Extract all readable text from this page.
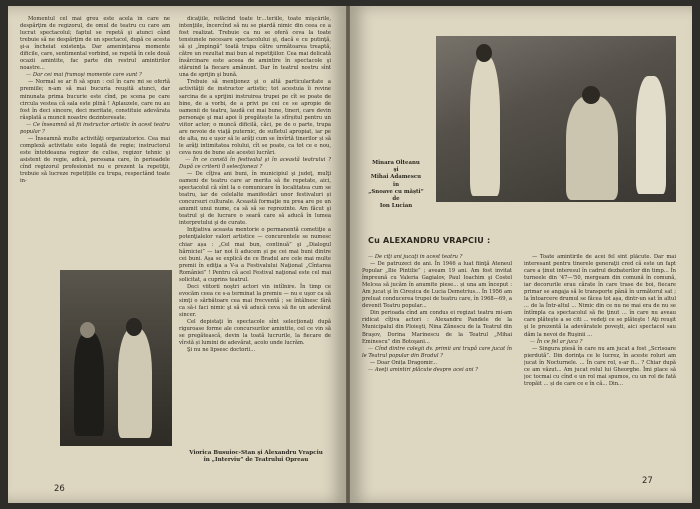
Momentul cel mai greu este acela în care ne despărţim de regizorul, de omul de teatru cu care am lucrat spectacolul; faptul se repetă şi atunci când trebuie să ne despărţim de un spectacol, după ce acesta şi-a încheiat existenţa. Dar amenințarea momente dificile, care, sentimental vorbind, se repetă în cele două ocazii amintite, fac parte din restrul amintirilor noastre...

— Dar cei mai frumoşi momente care sunt ?

— Normal se ar fi să spun : cel în care mi se ofertă premiile; n-am să mai bucuria reuşită atunci, dar minunata prima bucurie este cînd, pe scena pe care circula vestea că sala este plină ! Aplauzele, care nu au fost în deci sincere, deci meritate, constituie adevărata răsplată a muncii noastre dezinteresate.

— Ce înseamnă să fii instructor artistic în acest teatru popular ?

— Înseamnă multe activităţi organizatorice. Cea mai complexă activitate este legată de regie; instructorul este întotdeauna regizor de culise, regizor tehnic şi asistent de regie, adică, persoana care, în perioadele cînd regizorul profesionist nu e prezent la repetiţii, trebuie să lucreze repetițiile cu trupa, respectând toate in-

dicaţiile, refăcînd toate tr…teriile, toate mişcările, intenţiile, încercînd să nu se piardă nimic din ceea ce a fost realizat. Trebuie ca nu se oferă ceva la toate tensiunele necesare spectacolului şi, dacă e cu putinţă, să și „împingă” toată trupa către următoarea treaptă, către un rezultat mai bun al repetiţiilor. Cea mai delicată însărcinare este aceea de amintire în spectacole şi stăruind la fiecare amănunt. Dar în teatrul nostru sînt una de sprijin şi bună.

Trebuie să menţionez şi o altă particularitate a activităţii de instructor artistic; tot acestuia îi revine sarcina de a sprijini instruirea trupei pe cît se poate de bine, de a vorbi, de a privi pe cei ce se apropie de oamenii de teatru, laudă cei mai bune, tineri, care devin personaje şi mai apoi îi pregătește la sfîrșitul pentru un viitor actor; o muncă dificilă, căci, pe de o parte, trupa are nevoie de viaţă puternic, de sufletul apropiat, iar pe de alta, nu e ușor să le arăţi cum se învîrtă tinerilor și să le arăţi intimitatea rolului, cît se poate, ca tot ce e nou, ceva nou de bune ale acestei lucrări.

— În ce constă în festivalul şi în această teatrului ? După ce criterii îl selecţionezi ?

— De cîţiva ani buni, în municipiul şi judeţ, mulţi oameni de teatru care ar merita să fie repetate, aici, spectacolul că sînt la o comunicare în localitatea cum se teatru, iar de celelalte manifestări unor festivaluri și concursuri culturale. Această formaţie nu prea are pe un anumit unui nume, ca să să se reprezinte. Am făcut şi teatrul şi de lucrare o seară care să aducă în lumea interpretului şi de curate.

Iniţiativa aceasta mentorie o permanentă cometiţie a potenţialelor valori artistice — concurentele se numesc chiar așa : „Cel mai bun, continuă” şi „Dialogul hărniciei” — iar noi îi aducem și pe cei mai buni dintre cei buni. Așa se explică de ce Bradul are cele mai multe premii în ediţia a V-a a Festivalului Naţional „Cîntarea României” ! Pentru că acel Festival naţional este cel mai solicitat, a cuprins teatrul.

Deci viitorii noştri actori vin intîlnire. În timp ce evocăm ceea ce s-a terminat la premiu — nu e uşor ca să simţi o sărbătoare cea mai frecventă ; se întâlnesc fără ca să-i faci nimic şi să vă aducă ceva să fie un adevărat sincer.

Cel depistaţi în spectacole sînt selecţionaţi după riguroase forme ale concursurilor amintite, cel ce vin să se pregătească, devin la toată lucrurile, la fiecare de vîrstă și lumini de adevărat, acolo unde lucrăm.

Şi nu ne lipsesc doctorii...

Viorica Busuioc-Stan şi Alexandru Vrapciu în „Interviu” de Teatrului Opreau
26
Minara Olteanu
şi
Mihai Adamescu
în
„Snoave cu măști”
de
Ion Lucian
Cu ALEXANDRU VRAPCIU :

— De cîţi ani jucaţi în acest teatru ?

— De patruzeci de ani. În 1946 a luat fiinţă Ateneul Popular „Ilie Pintilie” ; aveam 19 ani. Am fost invitat împreună cu Valeria Gagialov, Paul Ioachim şi Costel Melcea să jucăm în anumite piese... și una am început : Am jucat şi în Cireșica de Lucia Demetrius... În 1956 am preluat conducerea trupei de teatru care, în 1968—69, a devenit Teatru popular...

Din perioada cînd am condus ei regizat teatru mi-am ridicat cîţiva actori : Alexandru Pandele de la Municipalul din Ploieşti, Nina Zănescu de la Teatrul din Braşov, Dorina Marinescu de la Teatrul „Mihai Eminescu” din Botoşani...

— Cînd dintre colegii dv. primii ani trupă care jucat în le Teatrul popular din Bradul ?

— Doar Onița Dragomir...

— Aveţi amintiri plăcute despre acei ani ?

— Toate amintirile de acei fel sînt plăcute. Dar mai interesant pentru tinerele generaţii cred că este un fapt care a ținut interesul în cadrul dezbaterilor din timp... În turneele din '47—'50, mergeam din comună în comună, iar decorurile erau cărate în care trase de boi, fiecare primar se angaja să le transporte până în următorul sat ; la întoarcere drumul se făcea tot așa, dintr-un sat în altul ... de la Într-altul ... Nimic din ce nu ne mai era de nu se întîmpla ca spectacolul să fie ţinut ... în care nu aveau care plăteşte a se citi ... vedeţi ce se plăteşte ! Aţi reuşit şi le prezentă la adevăratele poveşti, aici spectacol sau dăm la nevoi de Ruşinii ...

— În ce fel ar juca ?

— Singura piesă în care nu am jucat a fost „Scrisoare pierdută”. Din dorinţa ce le lucrez, în aceste roluri am jucat în Nocturnele. ... În care rol, s-ar fi... ? Chiar după ce am văzut... Am jucat rolul lui Gheorghe. Îmi place să joc tocmai cu cînd e un rol mai spumos, cu un rol de fată tropăit ... și de care ce e în că... Din...

27
